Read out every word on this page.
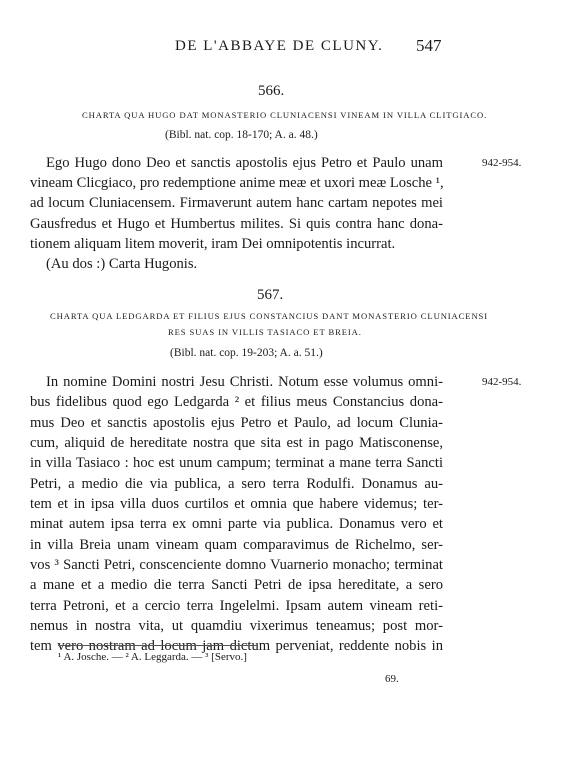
DE L'ABBAYE DE CLUNY. 547
566.
CHARTA QUA HUGO DAT MONASTERIO CLUNIACENSI VINEAM IN VILLA CLITGIACO.
(Bibl. nat. cop. 18-170; A. a. 48.)
942-954.
Ego Hugo dono Deo et sanctis apostolis ejus Petro et Paulo unam
vineam Clicgiaco, pro redemptione anime meæ et uxori meæ Losche ¹,
ad locum Cluniacensem. Firmaverunt autem hanc cartam nepotes mei
Gausfredus et Hugo et Humbertus milites. Si quis contra hanc dona-
tionem aliquam litem moverit, iram Dei omnipotentis incurrat.
(Au dos :) Carta Hugonis.
567.
CHARTA QUA LEDGARDA ET FILIUS EJUS CONSTANCIUS DANT MONASTERIO CLUNIACENSI
RES SUAS IN VILLIS TASIACO ET BREIA.
(Bibl. nat. cop. 19-203; A. a. 51.)
942-954.
In nomine Domini nostri Jesu Christi. Notum esse volumus omni-
bus fidelibus quod ego Ledgarda ² et filius meus Constancius dona-
mus Deo et sanctis apostolis ejus Petro et Paulo, ad locum Clunia-
cum, aliquid de hereditate nostra que sita est in pago Matisconense,
in villa Tasiaco : hoc est unum campum; terminat a mane terra Sancti
Petri, a medio die via publica, a sero terra Rodulfi. Donamus au-
tem et in ipsa villa duos curtilos et omnia que habere videmus; ter-
minat autem ipsa terra ex omni parte via publica. Donamus vero et
in villa Breia unam vineam quam comparavimus de Richelmo, ser-
vos ³ Sancti Petri, conscenciente domno Vuarnerio monacho; terminat
a mane et a medio die terra Sancti Petri de ipsa hereditate, a sero
terra Petroni, et a cercio terra Ingelelmi. Ipsam autem vineam reti-
nemus in nostra vita, ut quamdiu vixerimus teneamus; post mor-
tem vero nostram ad locum jam dictum perveniat, reddente nobis in
¹ A. Josche. — ² A. Leggarda. — ³ [Servo.]
69.
